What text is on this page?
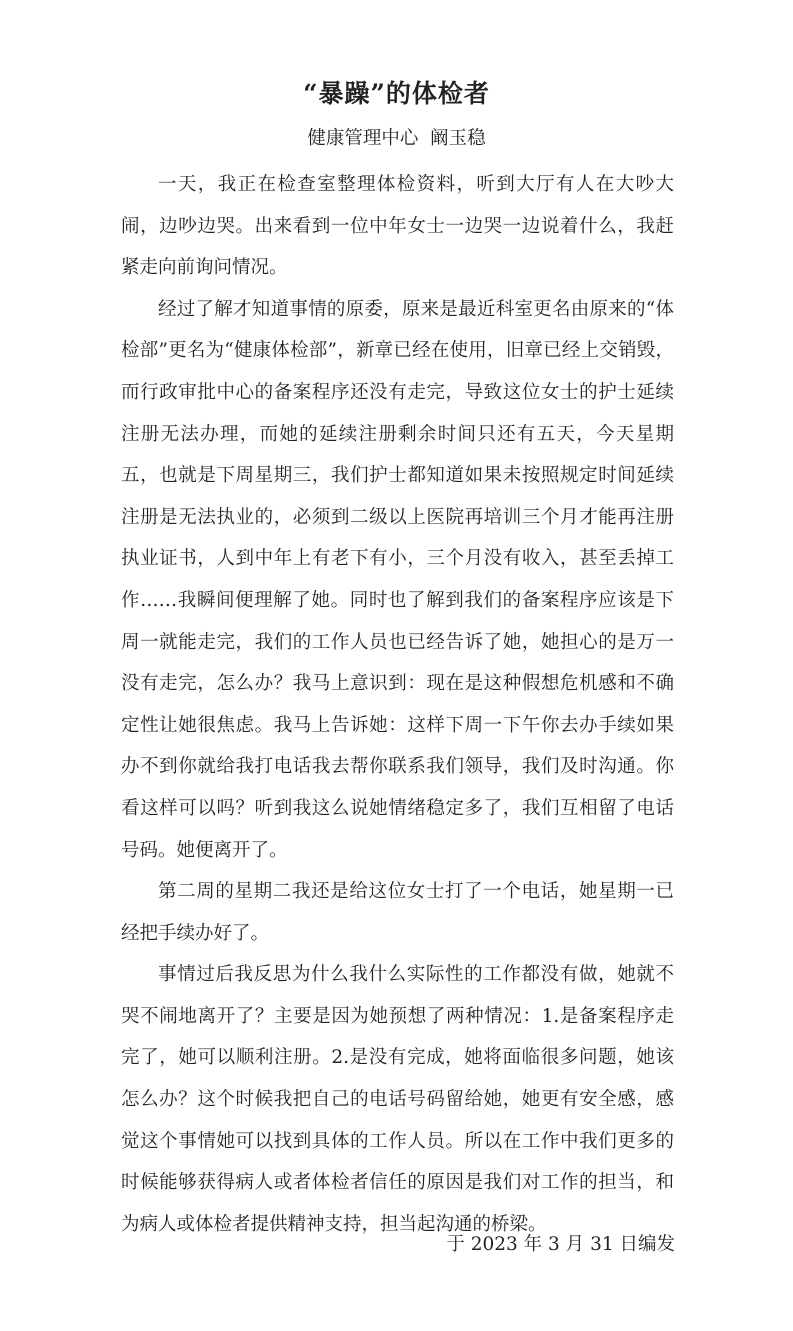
“暴躁”的体检者
健康管理中心  阚玉稳

一天，我正在检查室整理体检资料，听到大厅有人在大吵大闹，边吵边哭。出来看到一位中年女士一边哭一边说着什么，我赶紧走向前询问情况。

经过了解才知道事情的原委，原来是最近科室更名由原来的“体检部”更名为“健康体检部”，新章已经在使用，旧章已经上交销毁，而行政审批中心的备案程序还没有走完，导致这位女士的护士延续注册无法办理，而她的延续注册剩余时间只还有五天，今天星期五，也就是下周星期三，我们护士都知道如果未按照规定时间延续注册是无法执业的，必须到二级以上医院再培训三个月才能再注册执业证书，人到中年上有老下有小，三个月没有收入，甚至丢掉工作……我瞬间便理解了她。同时也了解到我们的备案程序应该是下周一就能走完，我们的工作人员也已经告诉了她，她担心的是万一没有走完，怎么办？我马上意识到：现在是这种假想危机感和不确定性让她很焦虑。我马上告诉她：这样下周一下午你去办手续如果办不到你就给我打电话我去帮你联系我们领导，我们及时沟通。你看这样可以吗？听到我这么说她情绪稳定多了，我们互相留了电话号码。她便离开了。

第二周的星期二我还是给这位女士打了一个电话，她星期一已经把手续办好了。

事情过后我反思为什么我什么实际性的工作都没有做，她就不哭不闹地离开了？主要是因为她预想了两种情况：1.是备案程序走完了，她可以顺利注册。2.是没有完成，她将面临很多问题，她该怎么办？这个时候我把自己的电话号码留给她，她更有安全感，感觉这个事情她可以找到具体的工作人员。所以在工作中我们更多的时候能够获得病人或者体检者信任的原因是我们对工作的担当，和为病人或体检者提供精神支持，担当起沟通的桥梁。

于 2023 年 3 月 31 日编发
